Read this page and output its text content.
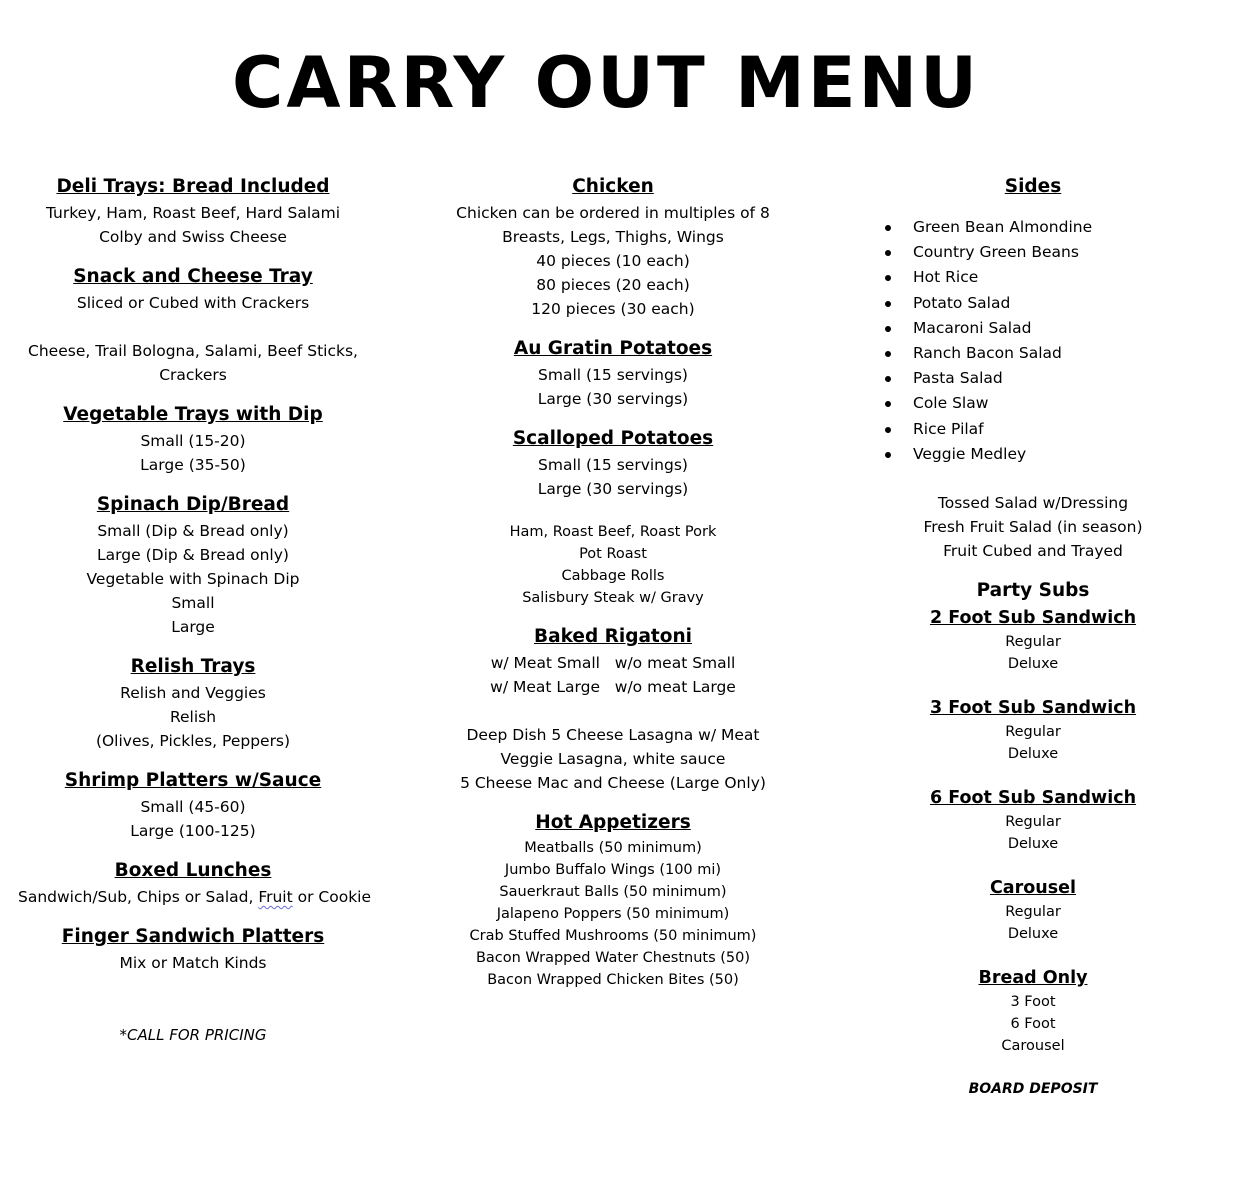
CARRY OUT MENU
Deli Trays: Bread Included
Turkey, Ham, Roast Beef, Hard Salami
Colby and Swiss Cheese
Snack and Cheese Tray
Sliced or Cubed with Crackers
Cheese, Trail Bologna, Salami, Beef Sticks,
Crackers
Vegetable Trays with Dip
Small (15-20)
Large (35-50)
Spinach Dip/Bread
Small (Dip & Bread only)
Large (Dip & Bread only)
Vegetable with Spinach Dip
Small
Large
Relish Trays
Relish and Veggies
Relish
(Olives, Pickles, Peppers)
Shrimp Platters w/Sauce
Small (45-60)
Large (100-125)
Boxed Lunches
Sandwich/Sub, Chips or Salad, Fruit or Cookie
Finger Sandwich Platters
Mix or Match Kinds
*CALL FOR PRICING
Chicken
Chicken can be ordered in multiples of 8
Breasts, Legs, Thighs, Wings
40 pieces (10 each)
80 pieces (20 each)
120 pieces (30 each)
Au Gratin Potatoes
Small (15 servings)
Large (30 servings)
Scalloped Potatoes
Small (15 servings)
Large (30 servings)
Ham, Roast Beef, Roast Pork
Pot Roast
Cabbage Rolls
Salisbury Steak w/ Gravy
Baked Rigatoni
w/ Meat Small   w/o meat Small
w/ Meat Large   w/o meat Large
Deep Dish 5 Cheese Lasagna w/ Meat
Veggie Lasagna, white sauce
5 Cheese Mac and Cheese (Large Only)
Hot Appetizers
Meatballs (50 minimum)
Jumbo Buffalo Wings (100 mi)
Sauerkraut Balls (50 minimum)
Jalapeno Poppers (50 minimum)
Crab Stuffed Mushrooms (50 minimum)
Bacon Wrapped Water Chestnuts (50)
Bacon Wrapped Chicken Bites (50)
Sides
Green Bean Almondine
Country Green Beans
Hot Rice
Potato Salad
Macaroni Salad
Ranch Bacon Salad
Pasta Salad
Cole Slaw
Rice Pilaf
Veggie Medley
Tossed Salad w/Dressing
Fresh Fruit Salad (in season)
Fruit Cubed and Trayed
Party Subs
2 Foot Sub Sandwich
Regular
Deluxe
3 Foot Sub Sandwich
Regular
Deluxe
6 Foot Sub Sandwich
Regular
Deluxe
Carousel
Regular
Deluxe
Bread Only
3 Foot
6 Foot
Carousel
BOARD DEPOSIT
